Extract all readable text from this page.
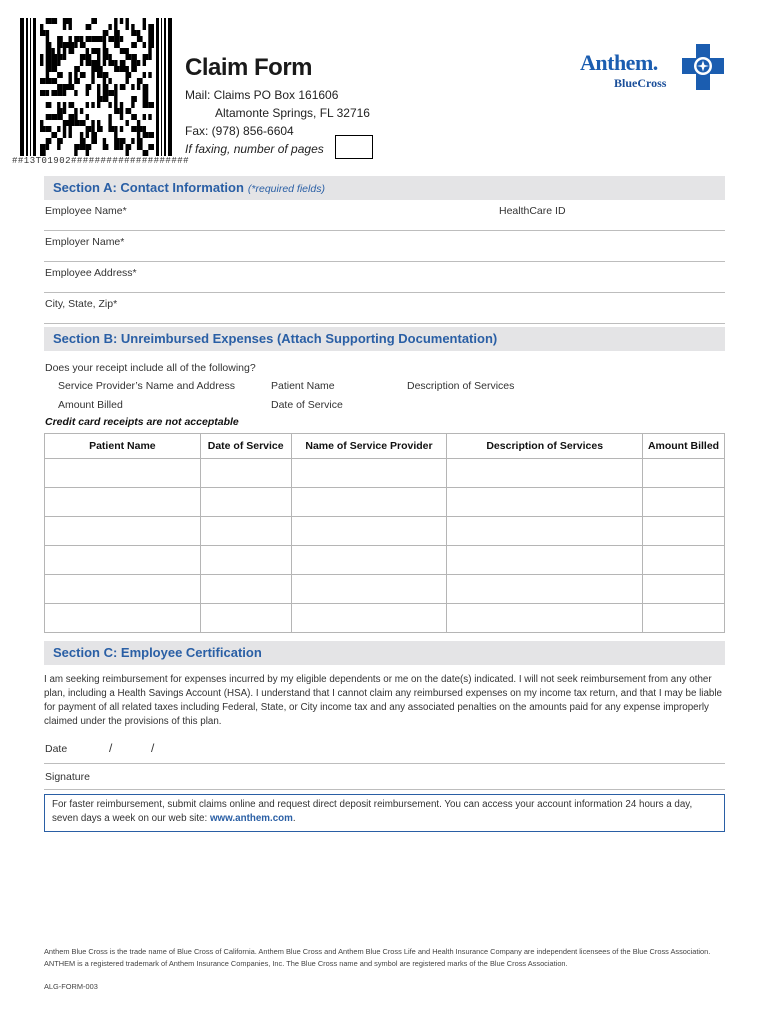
##13T01902####################
Claim Form
Mail: Claims PO Box 161606
Altamonte Springs, FL 32716
Fax: (978) 856-6604
If faxing, number of pages
Anthem.
BlueCross
Section A: Contact Information (*required fields)
Employee Name*	HealthCare ID
Employer Name*
Employee Address*
City, State, Zip*
Section B: Unreimbursed Expenses (Attach Supporting Documentation)
Does your receipt include all of the following?
Service Provider’s Name and Address	Patient Name	Description of Services
Amount Billed	Date of Service
Credit card receipts are not acceptable
Patient Name	Date of Service	Name of Service Provider	Description of Services	Amount Billed

Section C: Employee Certification
I am seeking reimbursement for expenses incurred by my eligible dependents or me on the date(s) indicated. I will not seek reimbursement from any other plan, including a Health Savings Account (HSA). I understand that I cannot claim any reimbursed expenses on my income tax return, and that I may be liable for payment of all related taxes including Federal, State, or City income tax and any associated penalties on the amounts paid for any expense improperly claimed under the provisions of this plan.
Date	/	/
Signature
For faster reimbursement, submit claims online and request direct deposit reimbursement. You can access your account information 24 hours a day, seven days a week on our web site: www.anthem.com.
Anthem Blue Cross is the trade name of Blue Cross of California. Anthem Blue Cross and Anthem Blue Cross Life and Health Insurance Company are independent licensees of the Blue Cross Association. ANTHEM is a registered trademark of Anthem Insurance Companies, Inc. The Blue Cross name and symbol are registered marks of the Blue Cross Association.
ALG-FORM-003
